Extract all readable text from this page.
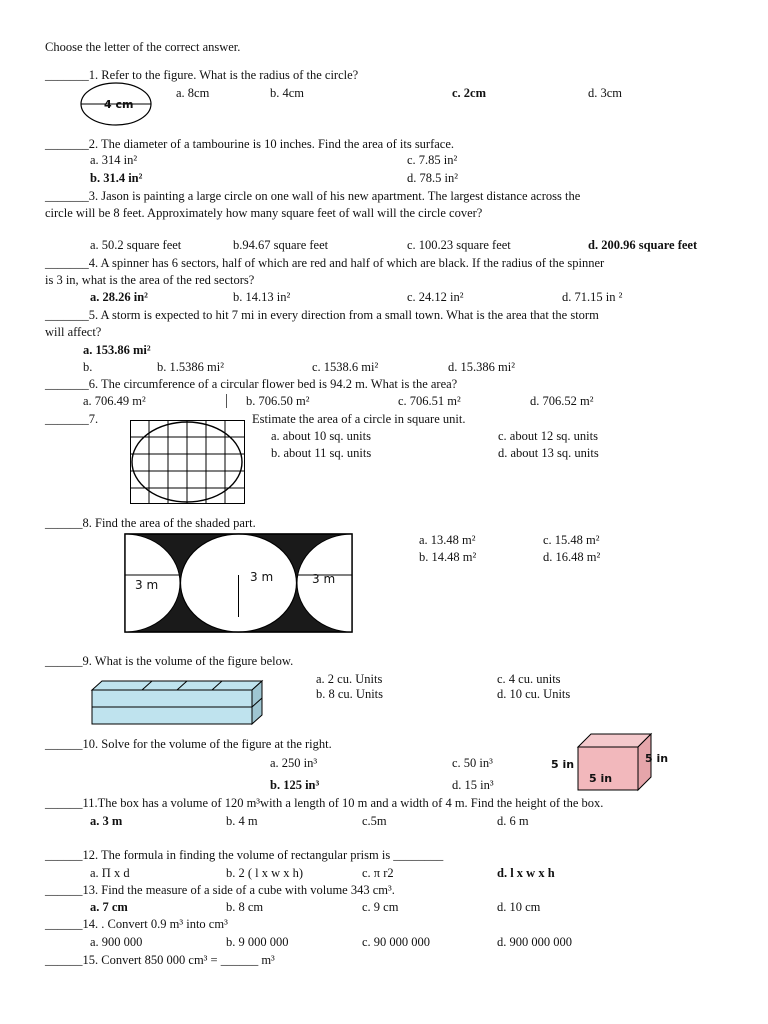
Choose the letter of the correct answer.
_______1. Refer to the figure. What is the radius of the circle?
4 cm
a. 8cm	b. 4cm	c. 2cm	d. 3cm
_______2. The diameter of a tambourine is 10 inches. Find the area of its surface.
a. 314 in²
b. 31.4 in²
c. 7.85 in²
d. 78.5 in²
_______3. Jason is painting a large circle on one wall of his new apartment. The largest distance across the
circle will be 8 feet. Approximately how many square feet of wall will the circle cover?
a. 50.2 square feet	b.94.67 square feet	c. 100.23 square feet	d. 200.96 square feet
_______4. A spinner has 6 sectors, half of which are red and half of which are black. If the radius of the spinner
is 3 in, what is the area of the red sectors?
a. 28.26 in²	b. 14.13 in²	c. 24.12 in²	d. 71.15 in ²
_______5. A storm is expected to hit 7 mi in every direction from a small town. What is the area that the storm
will affect?
a. 153.86 mi²
b.	b. 1.5386 mi²	c. 1538.6 mi²	d. 15.386 mi²
_______6. The circumference of a circular flower bed is 94.2 m. What is the area?
a. 706.49 m²	b. 706.50 m²	c. 706.51 m²	d. 706.52 m²
_______7.	Estimate the area of a circle in square unit.
a. about 10 sq. units
b. about 11 sq. units
c. about 12 sq. units
d. about 13 sq. units
______8. Find the area of the shaded part.
3 m
3 m	3 m
a. 13.48 m²
b. 14.48 m²
c. 15.48 m²
d. 16.48 m²
______9. What is the volume of the figure below.
a. 2 cu. Units
b. 8 cu. Units
c. 4 cu. units
d. 10 cu. Units
______10. Solve for the volume of the figure at the right.
a. 250 in³
b. 125 in³
c. 50 in³
d. 15 in³
5 in
5 in
5 in
______11.The box has a volume of 120 m³with a length of 10 m and a width of 4 m. Find the height of the box.
a. 3 m	b. 4 m	c.5m	d. 6 m
______12. The formula in finding the volume of rectangular prism is ________
a. Π x d	b. 2 ( l x w x h)	c. π r2	d. l x w x h
______13. Find the measure of a side of a cube with volume 343 cm³.
a. 7 cm	b. 8 cm	c. 9 cm	d. 10 cm
______14. . Convert 0.9 m³ into cm³
a. 900 000	b. 9 000 000	c. 90 000 000	d. 900 000 000
______15. Convert 850 000 cm³ = ______ m³
